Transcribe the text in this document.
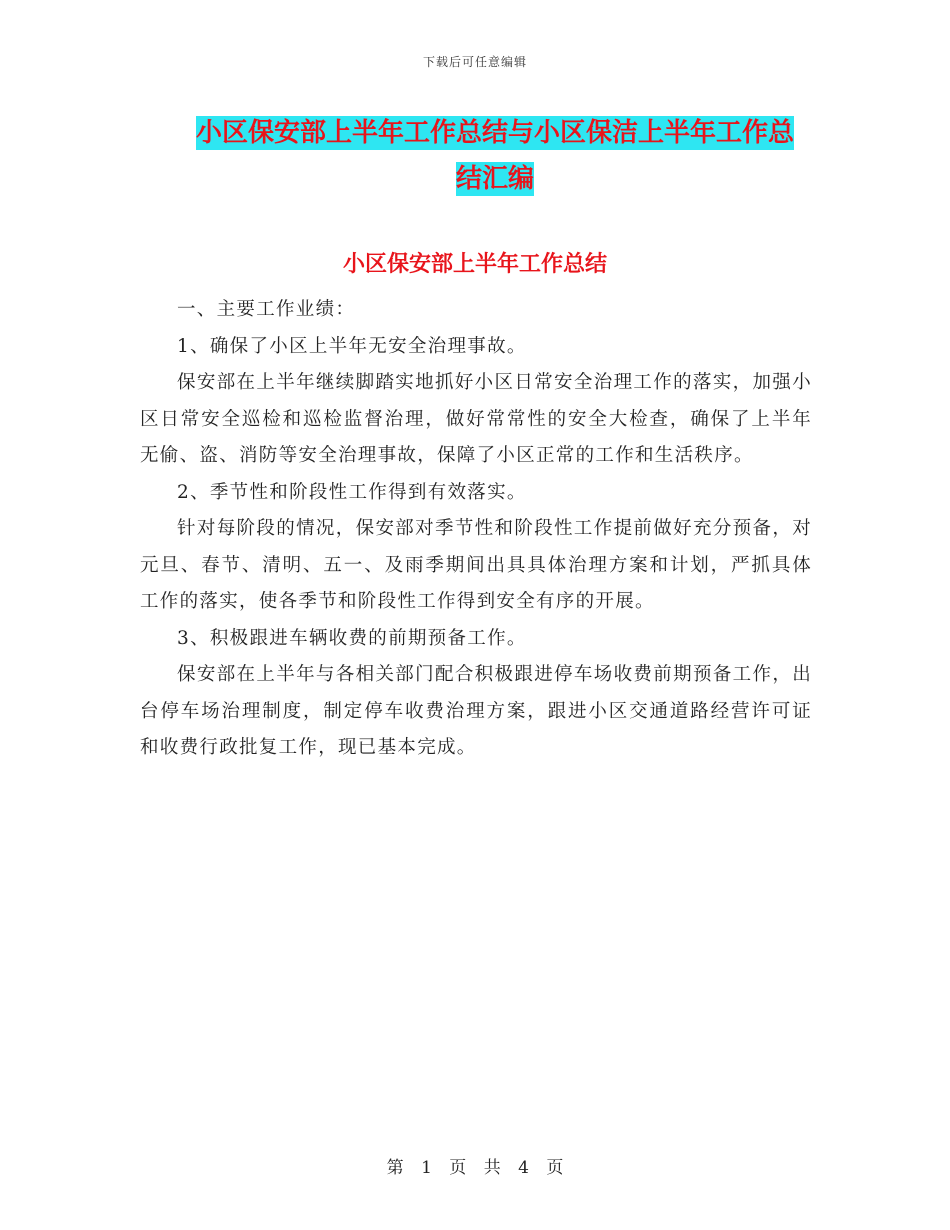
下载后可任意编辑
小区保安部上半年工作总结与小区保洁上半年工作总
结汇编
小区保安部上半年工作总结

一、主要工作业绩：

1、确保了小区上半年无安全治理事故。

保安部在上半年继续脚踏实地抓好小区日常安全治理工作的落实，加强小区日常安全巡检和巡检监督治理，做好常常性的安全大检查，确保了上半年无偷、盗、消防等安全治理事故，保障了小区正常的工作和生活秩序。

2、季节性和阶段性工作得到有效落实。

针对每阶段的情况，保安部对季节性和阶段性工作提前做好充分预备，对元旦、春节、清明、五一、及雨季期间出具具体治理方案和计划，严抓具体工作的落实，使各季节和阶段性工作得到安全有序的开展。

3、积极跟进车辆收费的前期预备工作。

保安部在上半年与各相关部门配合积极跟进停车场收费前期预备工作，出台停车场治理制度，制定停车收费治理方案，跟进小区交通道路经营许可证和收费行政批复工作，现已基本完成。

第 1 页 共 4 页
